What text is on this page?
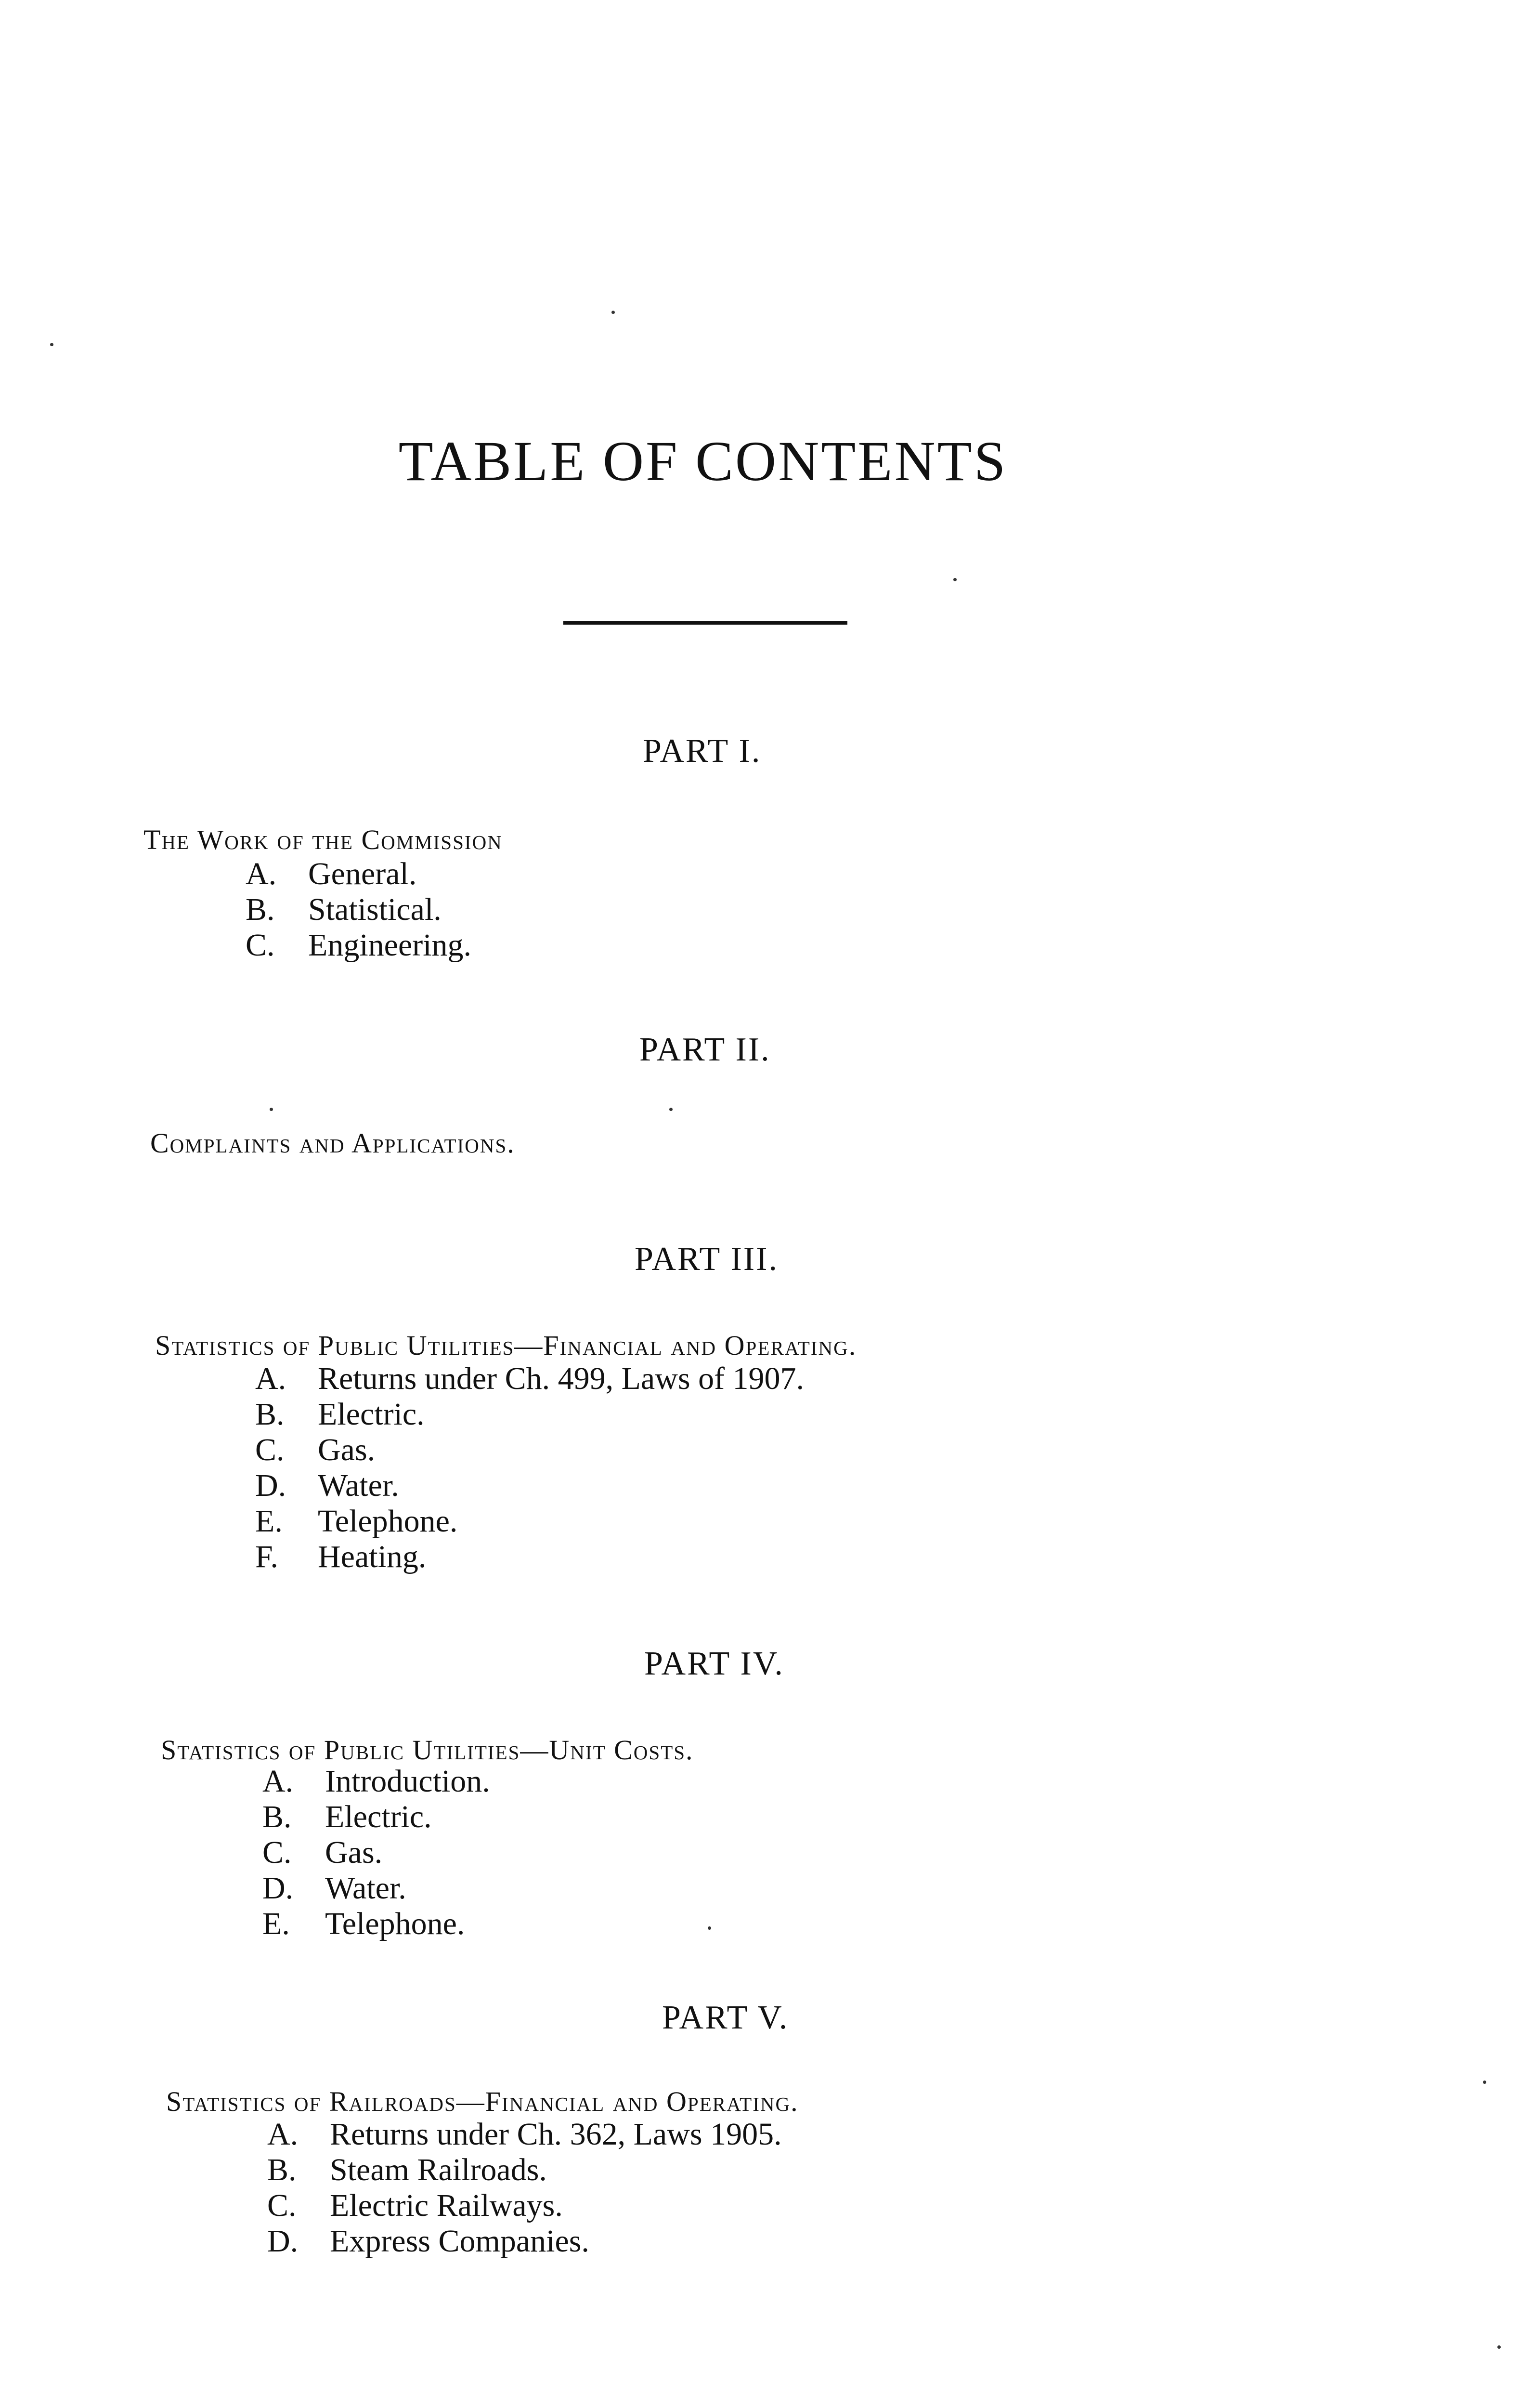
TABLE OF CONTENTS
PART I.
The Work of the Commission
A. General.
B.	Statistical.
C.	Engineering.
PART II.
Complaints and Applications.
PART III.
Statistics of Public Utilities—Financial and Operating.
A. Returns under Ch. 499, Laws of 1907.
B.	Electric.
C.	Gas.
D. Water.
E.	Telephone.
F.	Heating.
PART IV.
Statistics of Public Utilities—Unit Costs.
A. Introduction.
B.	Electric.
C.	Gas.
D. Water.
E.	Telephone.
PART V.
Statistics of Railroads—Financial and Operating.
A. Returns under Ch. 362, Laws 1905.
B.	Steam Railroads.
C.	Electric Railways.
D. Express Companies.
